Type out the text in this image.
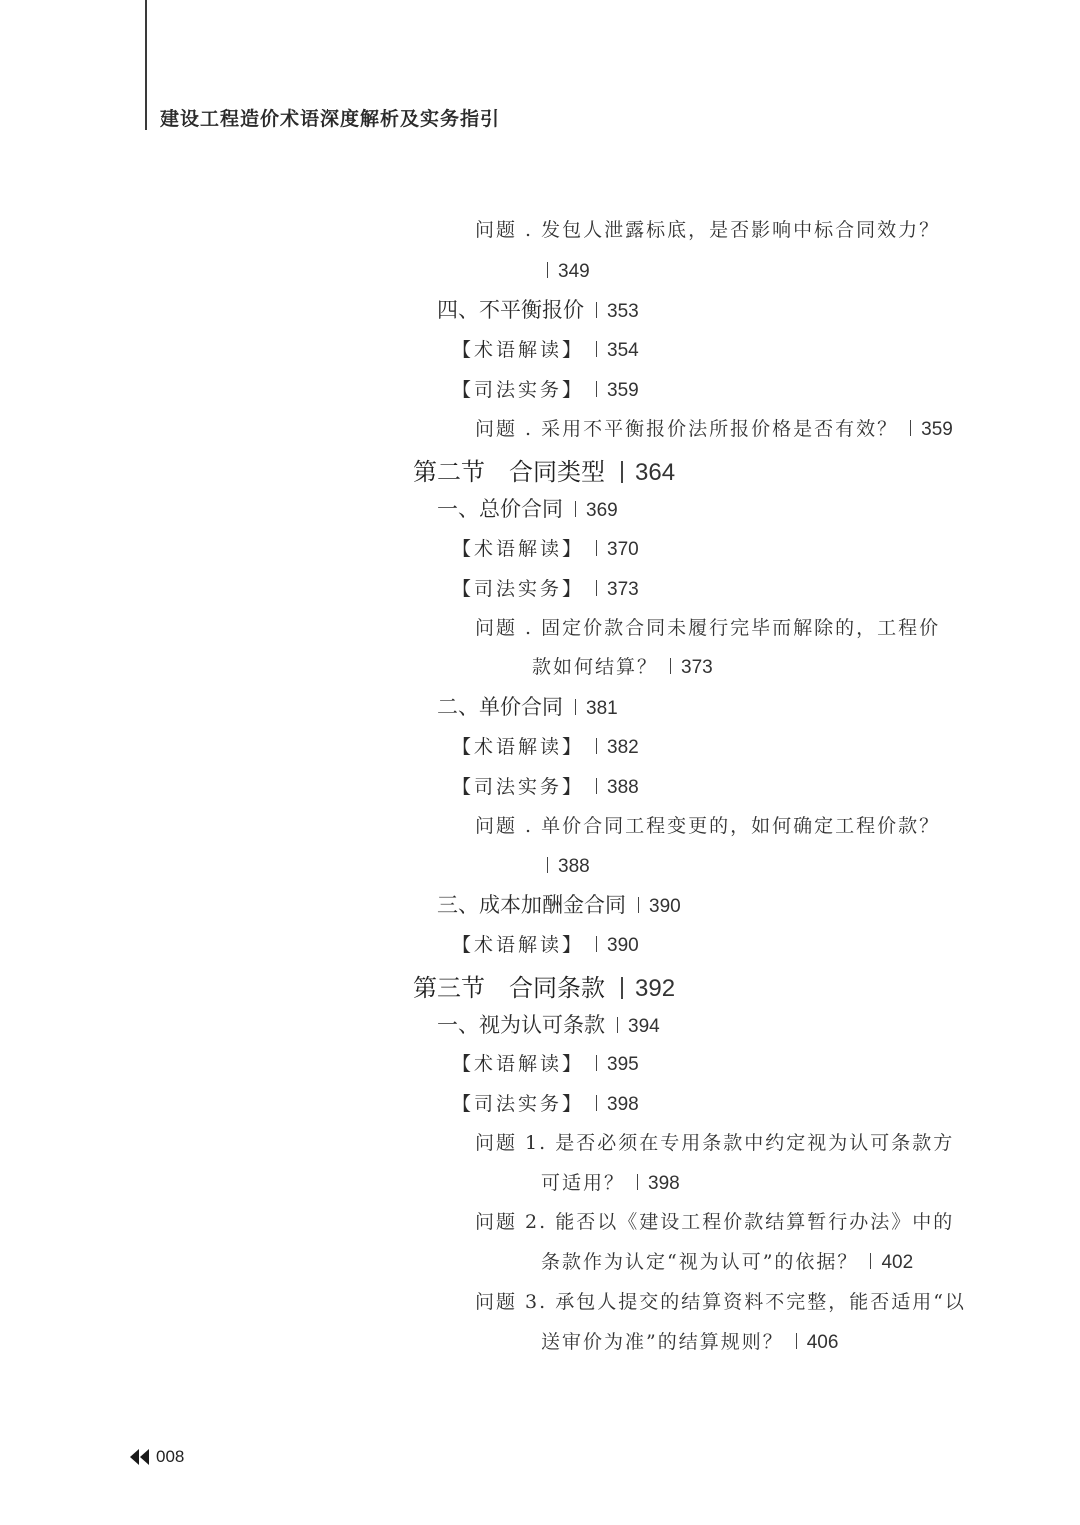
建设工程造价术语深度解析及实务指引
问题 . 发包人泄露标底，是否影响中标合同效力？
349
四、不平衡报价 353
【术语解读】 354
【司法实务】 359
问题 . 采用不平衡报价法所报价格是否有效？ 359
第二节 合同类型 364
一、总价合同 369
【术语解读】 370
【司法实务】 373
问题 . 固定价款合同未履行完毕而解除的，工程价
款如何结算？ 373
二、单价合同 381
【术语解读】 382
【司法实务】 388
问题 . 单价合同工程变更的，如何确定工程价款？
388
三、成本加酬金合同 390
【术语解读】 390
第三节 合同条款 392
一、视为认可条款 394
【术语解读】 395
【司法实务】 398
问题 1. 是否必须在专用条款中约定视为认可条款方
可适用？ 398
问题 2. 能否以《建设工程价款结算暂行办法》中的
条款作为认定“视为认可”的依据？ 402
问题 3. 承包人提交的结算资料不完整，能否适用“以
送审价为准”的结算规则？ 406
008
